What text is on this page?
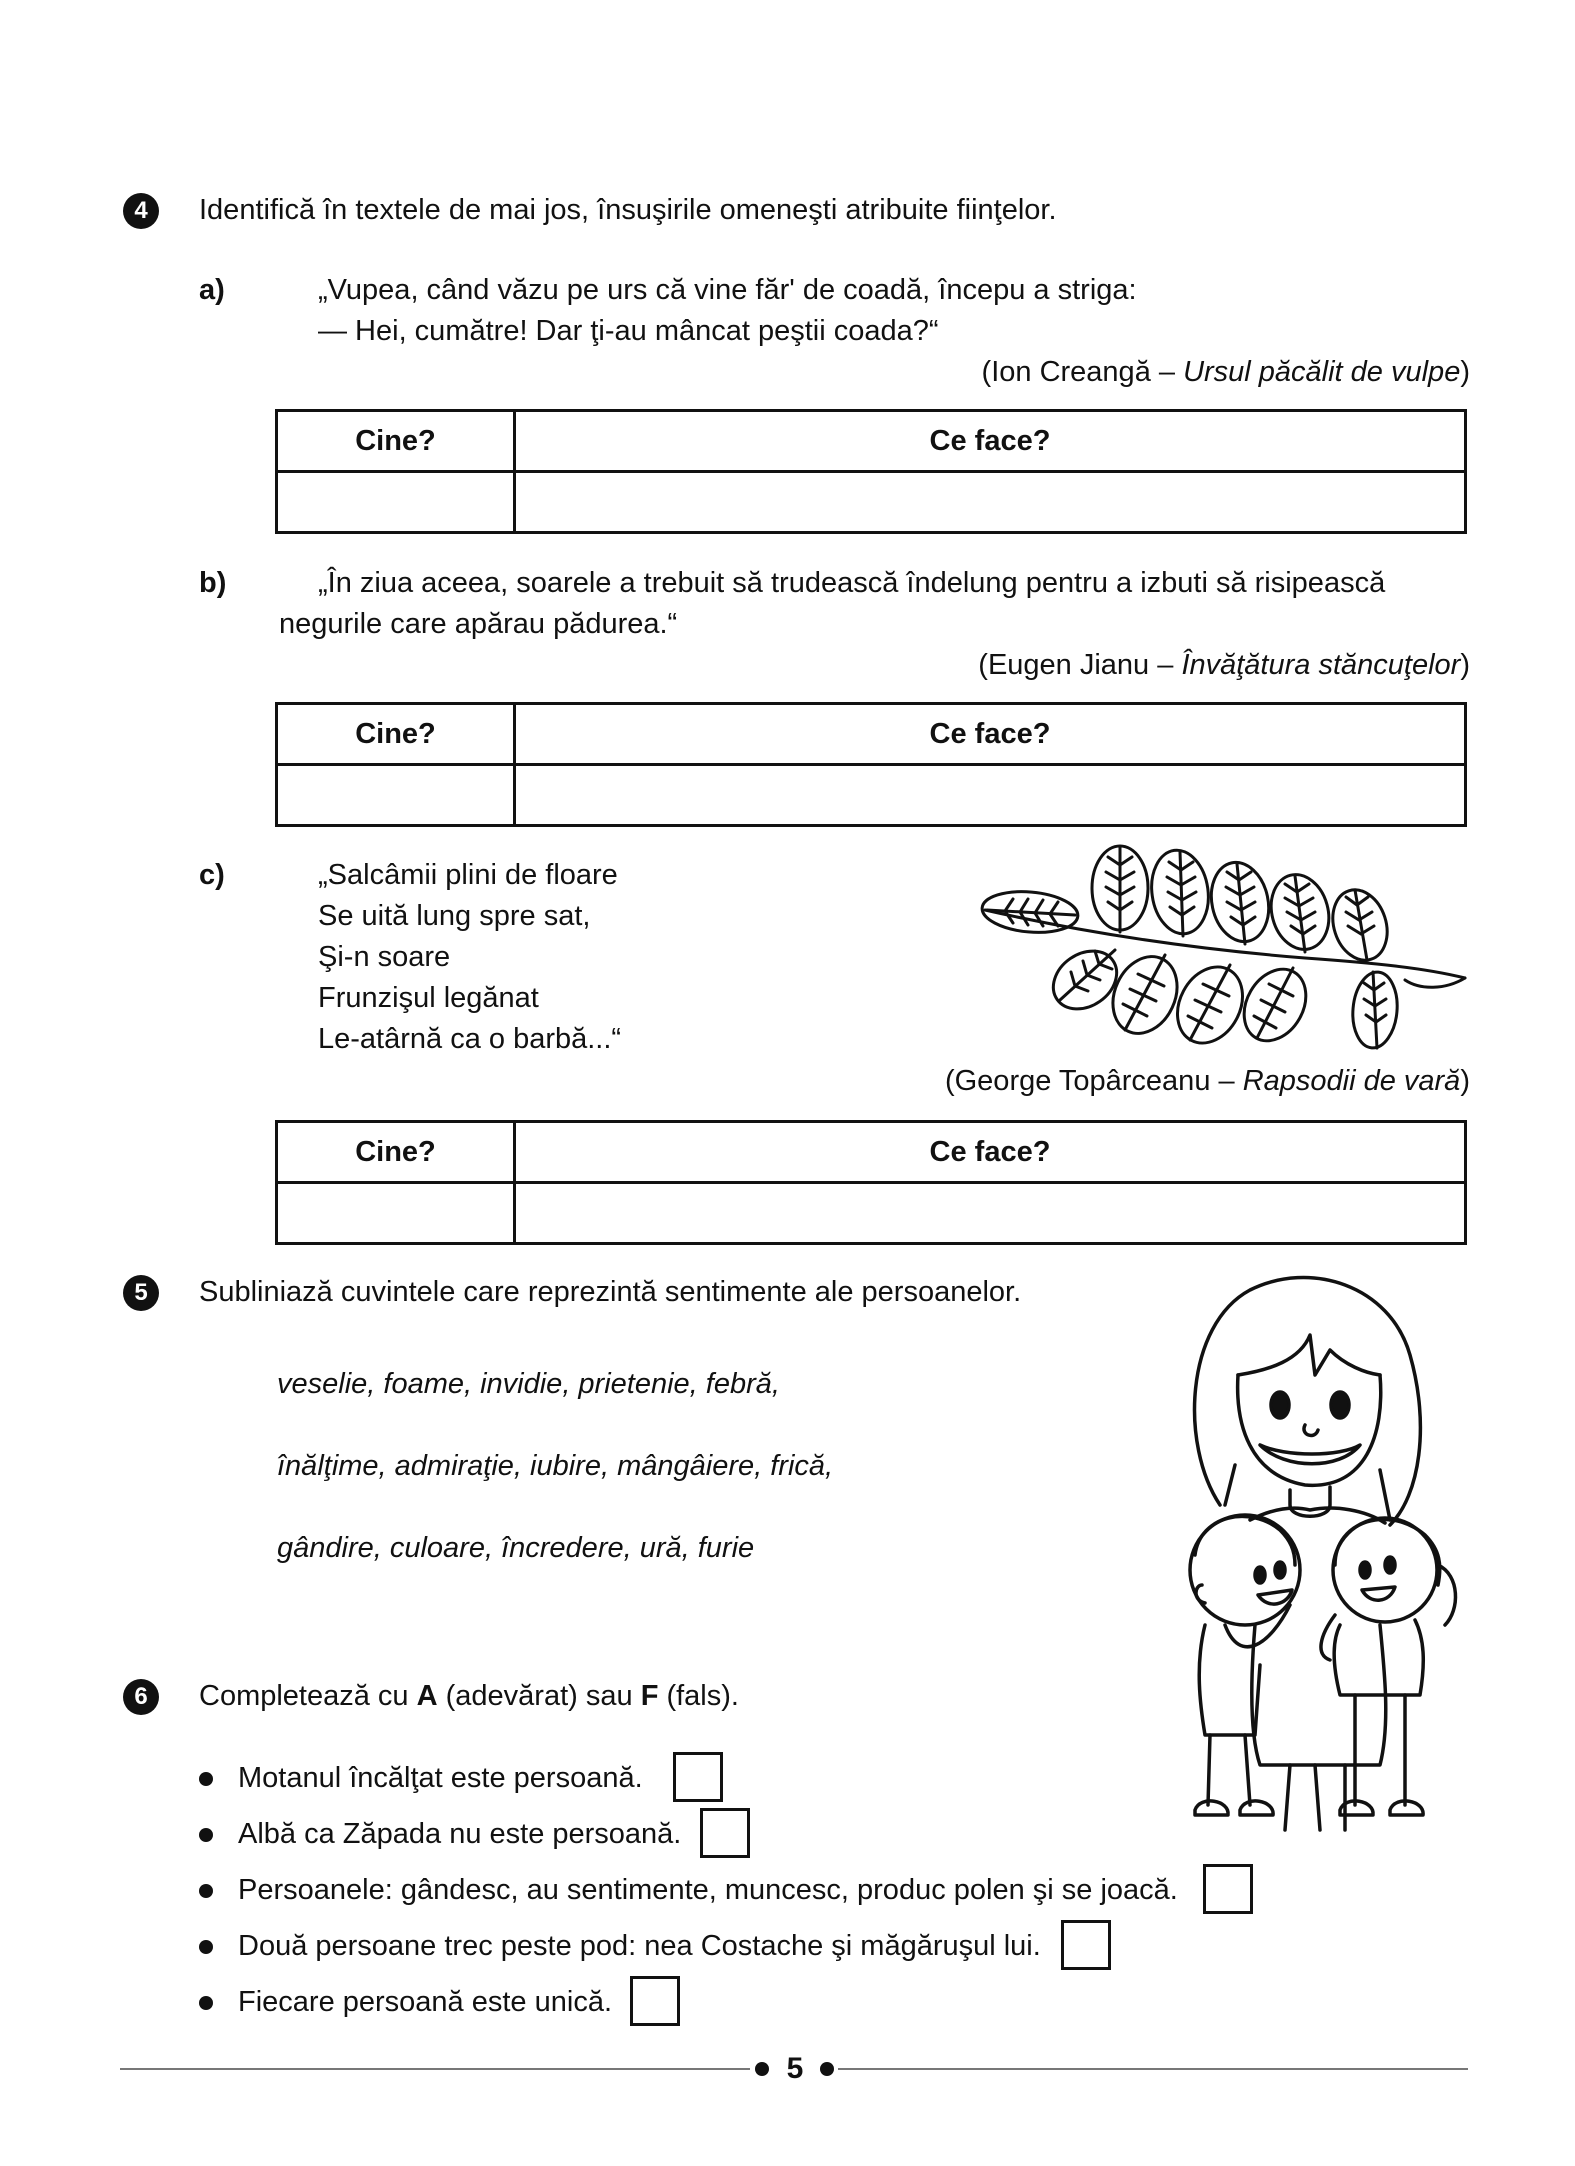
4	Identifică în textele de mai jos, însuşirile omeneşti atribuite fiinţelor.
a)	„Vupea, când văzu pe urs că vine făr' de coadă, începu a striga:
— Hei, cumătre! Dar ţi-au mâncat peştii coada?“
(Ion Creangă – Ursul păcălit de vulpe)
Cine?	Ce face?

b)	„În ziua aceea, soarele a trebuit să trudească îndelung pentru a izbuti să risipească
negurile care apărau pădurea.“
(Eugen Jianu – Învăţătura stăncuţelor)
Cine?	Ce face?

c)	„Salcâmii plini de floare
Se uită lung spre sat,
Şi-n soare
Frunzişul legănat
Le-atârnă ca o barbă...“
(George Topârceanu – Rapsodii de vară)
Cine?	Ce face?

5	Subliniază cuvintele care reprezintă sentimente ale persoanelor.
veselie, foame, invidie, prietenie, febră,
înălţime, admiraţie, iubire, mângâiere, frică,
gândire, culoare, încredere, ură, furie
6	Completează cu A (adevărat) sau F (fals).
Motanul încălţat este persoană.
Albă ca Zăpada nu este persoană.
Persoanele: gândesc, au sentimente, muncesc, produc polen şi se joacă.
Două persoane trec peste pod: nea Costache şi măgăruşul lui.
Fiecare persoană este unică.
5
